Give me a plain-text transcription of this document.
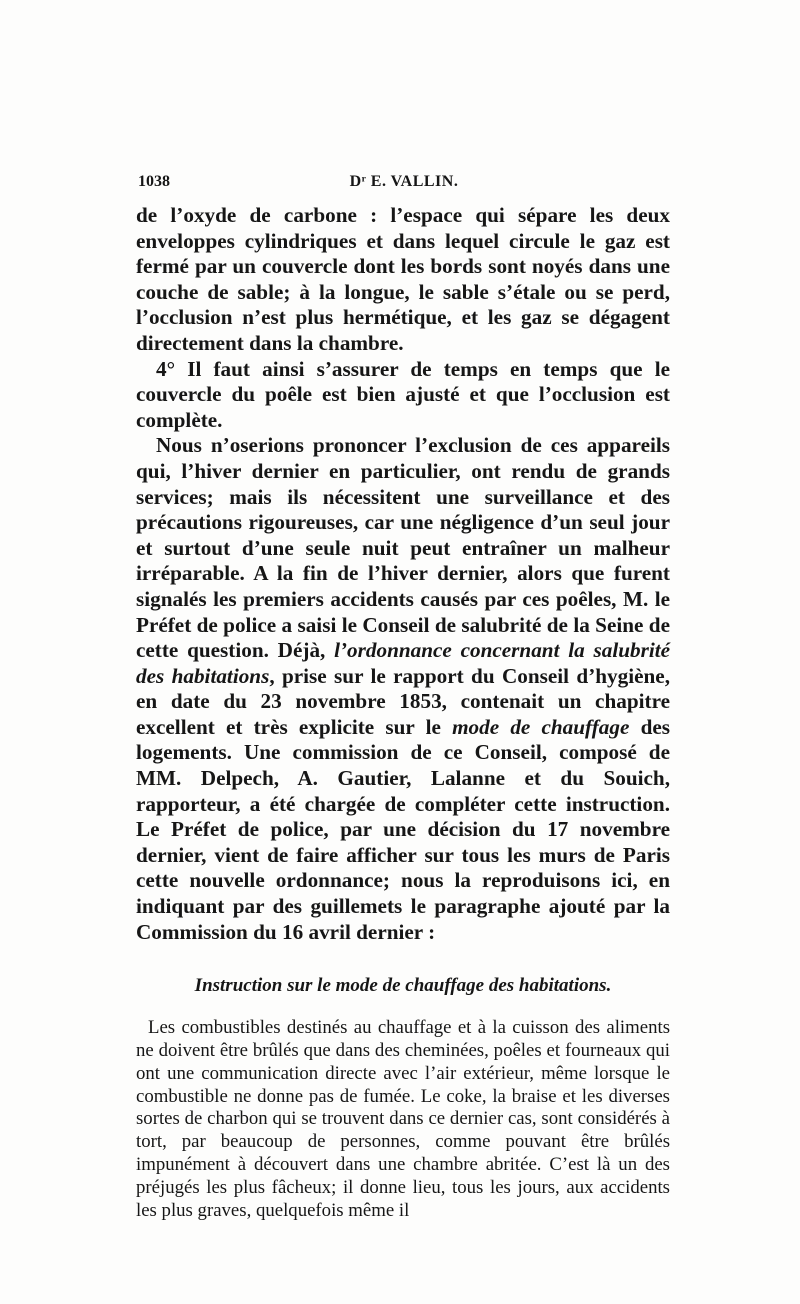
1038	Dʳ E. VALLIN.

de l’oxyde de carbone : l’espace qui sépare les deux enveloppes cylindriques et dans lequel circule le gaz est fermé par un couvercle dont les bords sont noyés dans une couche de sable; à la longue, le sable s’étale ou se perd, l’occlusion n’est plus hermétique, et les gaz se dégagent directement dans la chambre.

4° Il faut ainsi s’assurer de temps en temps que le couvercle du poêle est bien ajusté et que l’occlusion est complète.

Nous n’oserions prononcer l’exclusion de ces appareils qui, l’hiver dernier en particulier, ont rendu de grands services; mais ils nécessitent une surveillance et des précautions rigoureuses, car une négligence d’un seul jour et surtout d’une seule nuit peut entraîner un malheur irréparable. A la fin de l’hiver dernier, alors que furent signalés les premiers accidents causés par ces poêles, M. le Préfet de police a saisi le Conseil de salubrité de la Seine de cette question. Déjà, l’ordonnance concernant la salubrité des habitations, prise sur le rapport du Conseil d’hygiène, en date du 23 novembre 1853, contenait un chapitre excellent et très explicite sur le mode de chauffage des logements. Une commission de ce Conseil, composé de MM. Delpech, A. Gautier, Lalanne et du Souich, rapporteur, a été chargée de compléter cette instruction. Le Préfet de police, par une décision du 17 novembre dernier, vient de faire afficher sur tous les murs de Paris cette nouvelle ordonnance; nous la reproduisons ici, en indiquant par des guillemets le paragraphe ajouté par la Commission du 16 avril dernier :

Instruction sur le mode de chauffage des habitations.

Les combustibles destinés au chauffage et à la cuisson des aliments ne doivent être brûlés que dans des cheminées, poêles et fourneaux qui ont une communication directe avec l’air extérieur, même lorsque le combustible ne donne pas de fumée. Le coke, la braise et les diverses sortes de charbon qui se trouvent dans ce dernier cas, sont considérés à tort, par beaucoup de personnes, comme pouvant être brûlés impunément à découvert dans une chambre abritée. C’est là un des préjugés les plus fâcheux; il donne lieu, tous les jours, aux accidents les plus graves, quelquefois même il
